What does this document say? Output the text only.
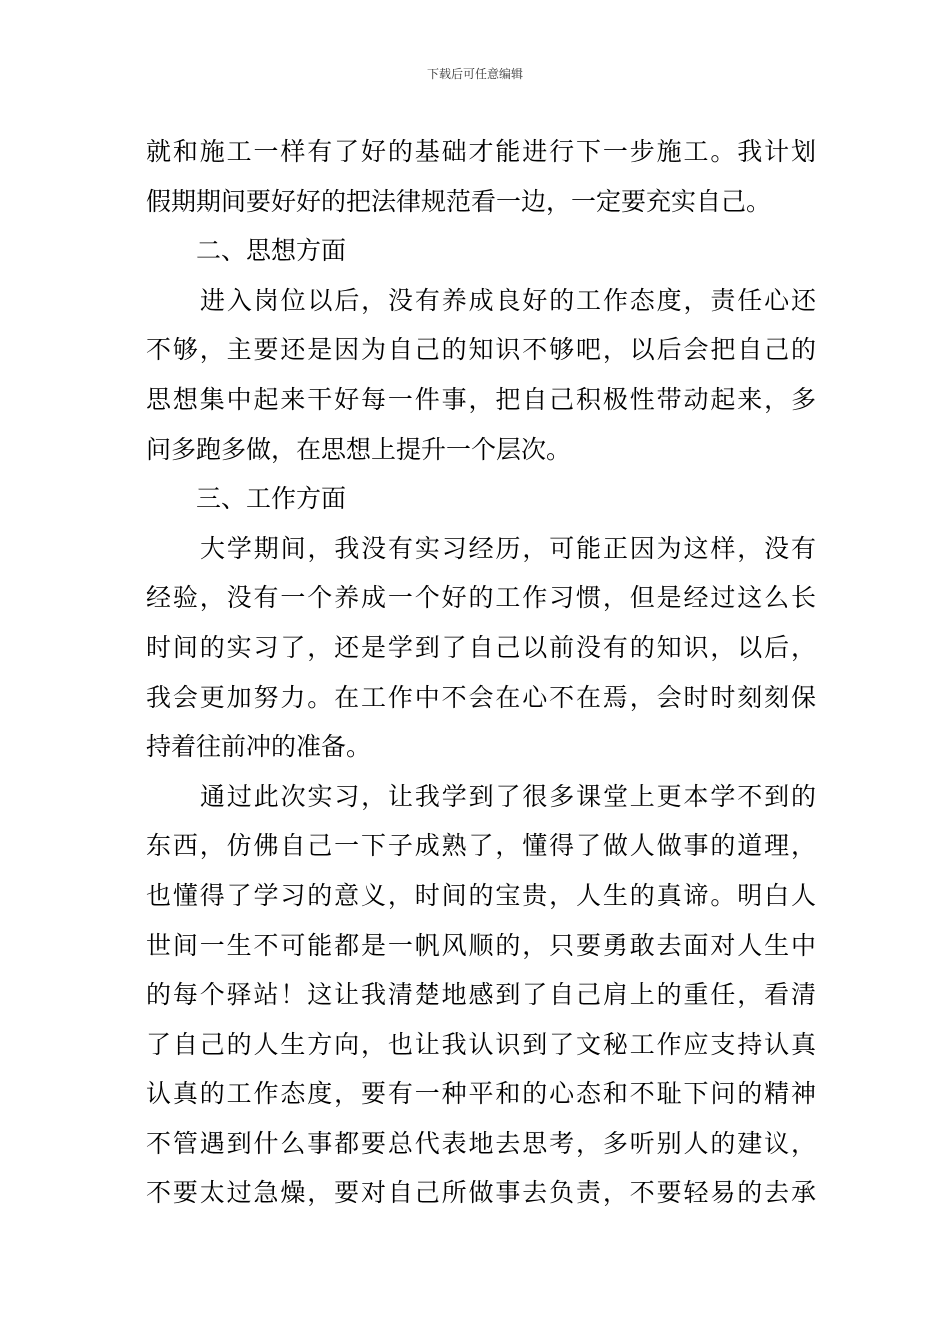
下载后可任意编辑
就和施工一样有了好的基础才能进行下一步施工。我计划
假期期间要好好的把法律规范看一边，一定要充实自己。
二、思想方面
进入岗位以后，没有养成良好的工作态度，责任心还
不够，主要还是因为自己的知识不够吧，以后会把自己的
思想集中起来干好每一件事，把自己积极性带动起来，多
问多跑多做，在思想上提升一个层次。
三、工作方面
大学期间，我没有实习经历，可能正因为这样，没有
经验，没有一个养成一个好的工作习惯，但是经过这么长
时间的实习了，还是学到了自己以前没有的知识，以后，
我会更加努力。在工作中不会在心不在焉，会时时刻刻保
持着往前冲的准备。
通过此次实习，让我学到了很多课堂上更本学不到的
东西，仿佛自己一下子成熟了，懂得了做人做事的道理，
也懂得了学习的意义，时间的宝贵，人生的真谛。明白人
世间一生不可能都是一帆风顺的，只要勇敢去面对人生中
的每个驿站！这让我清楚地感到了自己肩上的重任，看清
了自己的人生方向，也让我认识到了文秘工作应支持认真
认真的工作态度，要有一种平和的心态和不耻下问的精神
不管遇到什么事都要总代表地去思考，多听别人的建议，
不要太过急燥，要对自己所做事去负责，不要轻易的去承
